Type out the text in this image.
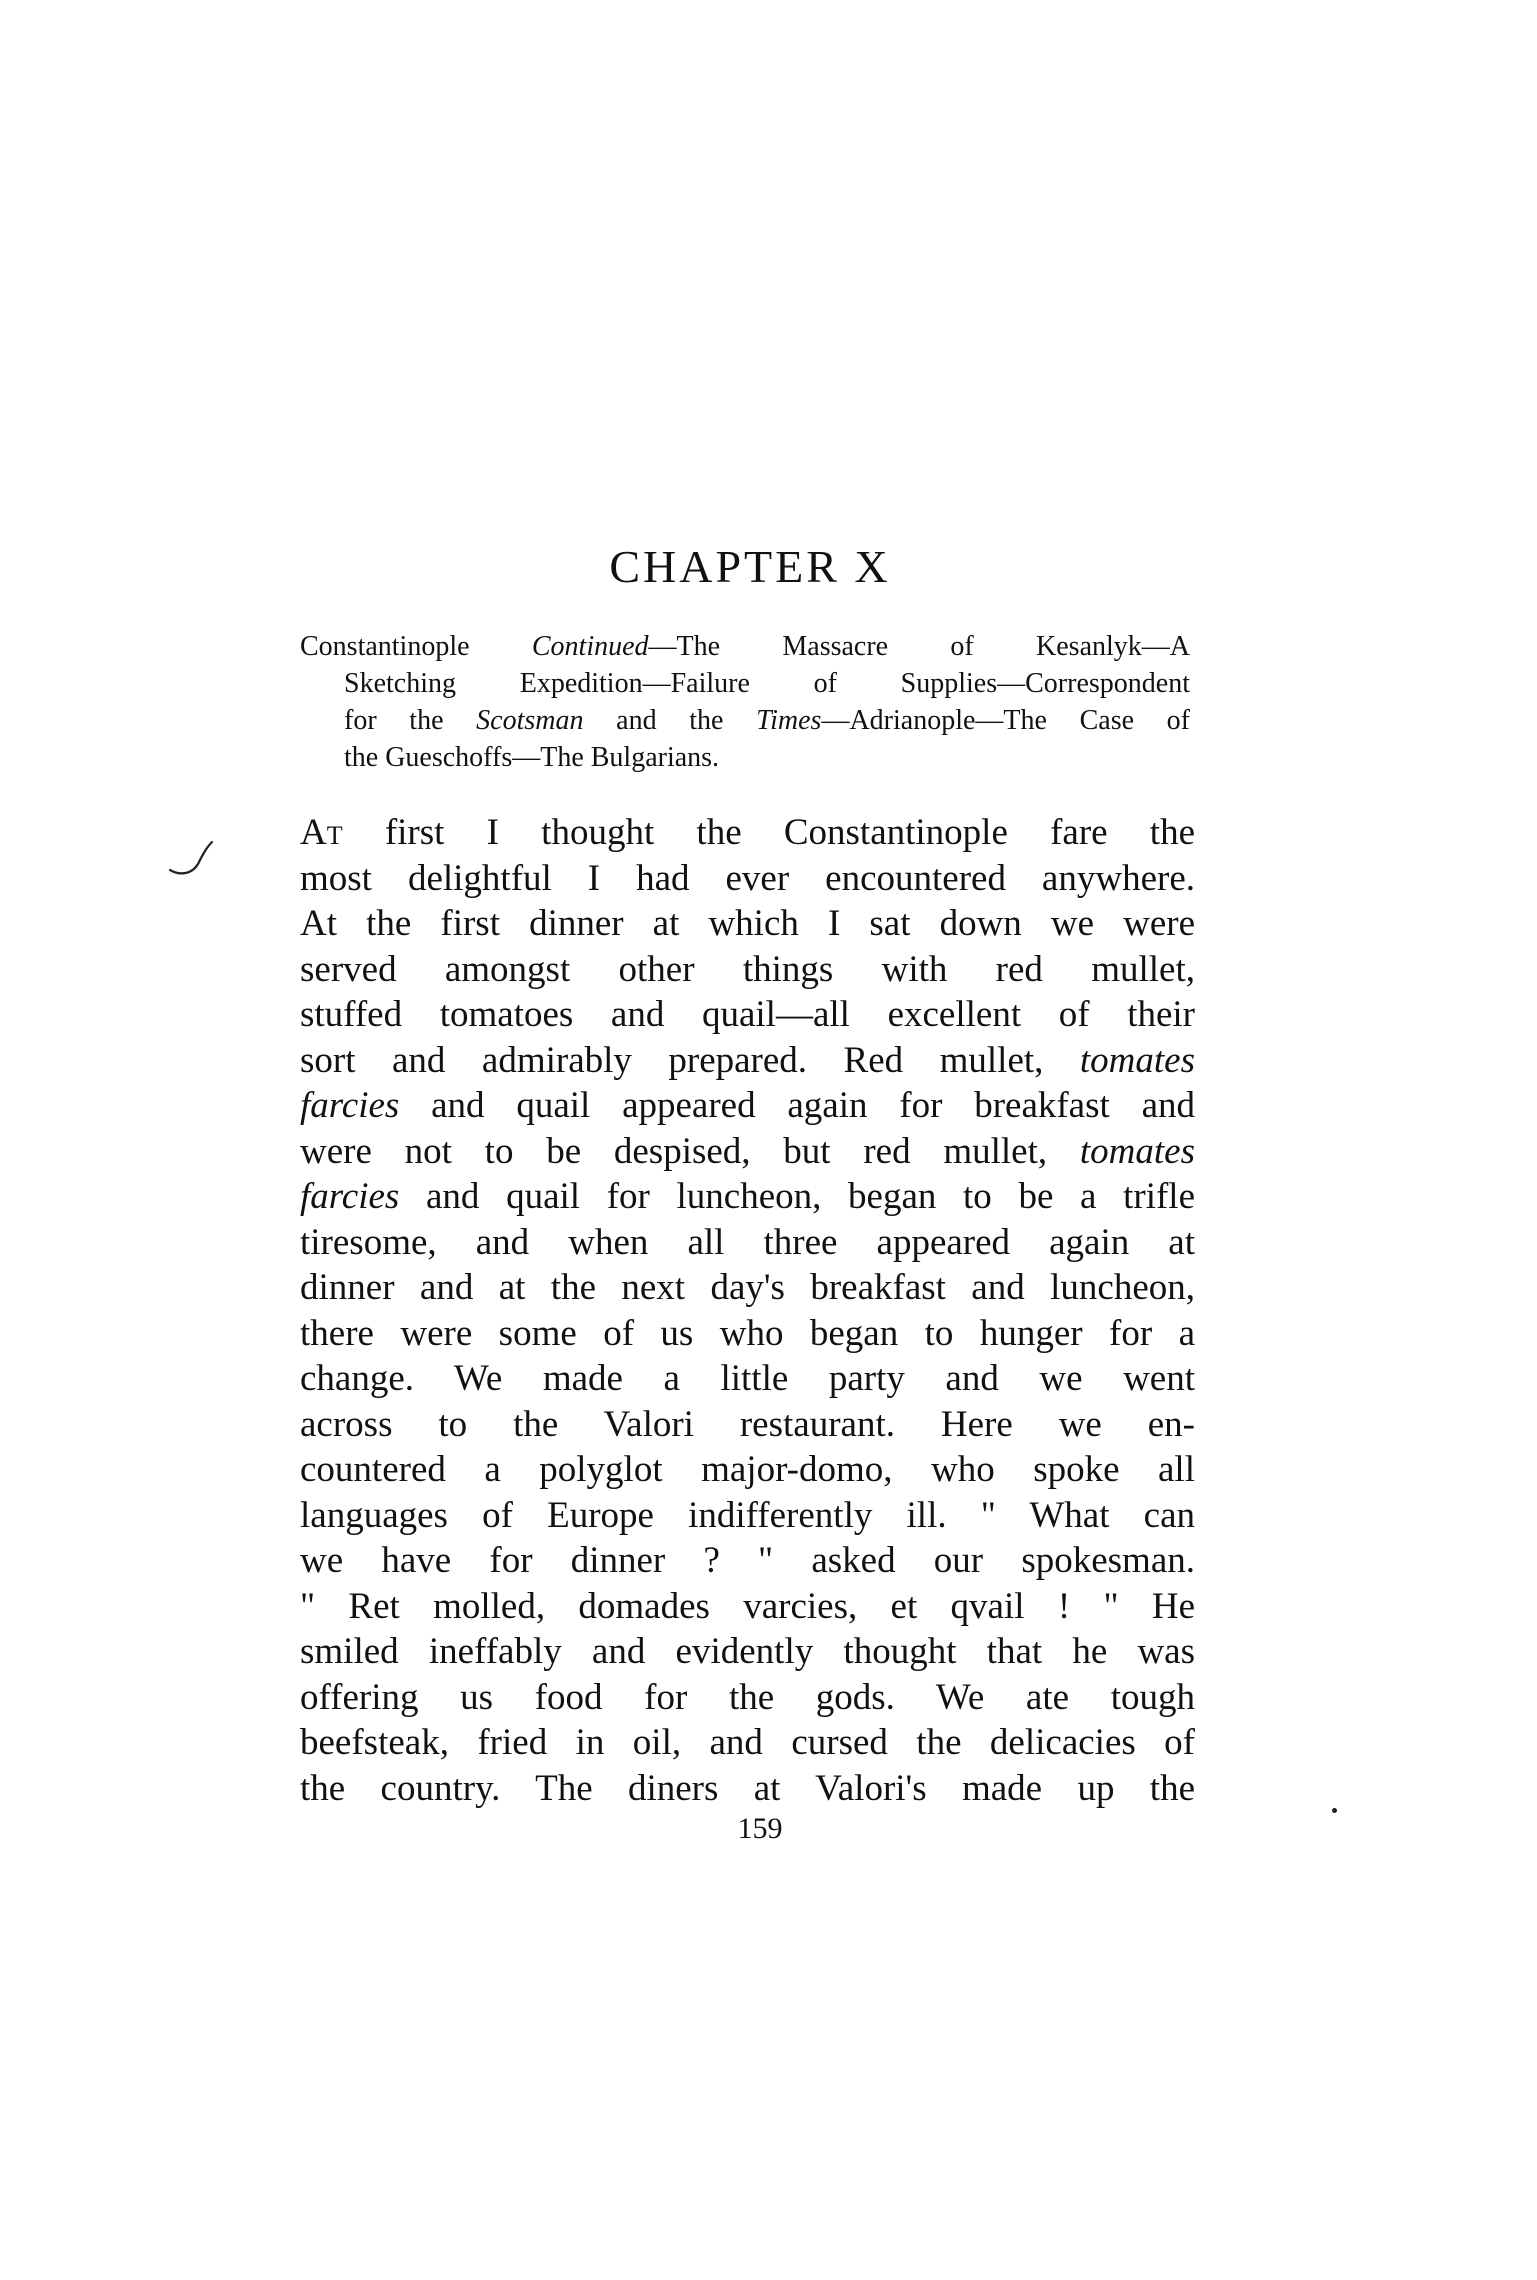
CHAPTER X

Constantinople Continued—The Massacre of Kesanlyk—A
Sketching Expedition—Failure of Supplies—Correspondent
for the Scotsman and the Times—Adrianople—The Case of
the Gueschoffs—The Bulgarians.

At first I thought the Constantinople fare the
most delightful I had ever encountered anywhere.
At the first dinner at which I sat down we were
served amongst other things with red mullet,
stuffed tomatoes and quail—all excellent of their
sort and admirably prepared. Red mullet, tomates
farcies and quail appeared again for breakfast and
were not to be despised, but red mullet, tomates
farcies and quail for luncheon, began to be a trifle
tiresome, and when all three appeared again at
dinner and at the next day's breakfast and luncheon,
there were some of us who began to hunger for a
change. We made a little party and we went
across to the Valori restaurant. Here we en-
countered a polyglot major-domo, who spoke all
languages of Europe indifferently ill. " What can
we have for dinner ? " asked our spokesman.
" Ret molled, domades varcies, et qvail ! " He
smiled ineffably and evidently thought that he was
offering us food for the gods. We ate tough
beefsteak, fried in oil, and cursed the delicacies of
the country. The diners at Valori's made up the
159
